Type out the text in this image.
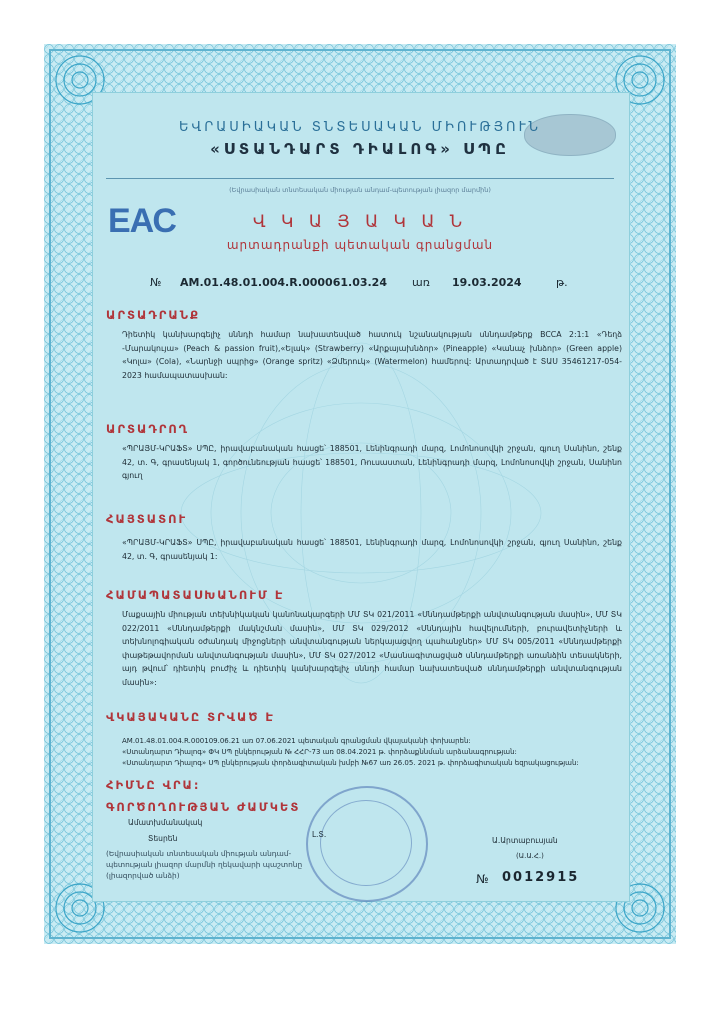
ԵՎՐԱՍԻԱԿԱՆ ՏՆՏԵՍԱԿԱՆ ՄԻՈՒԹՅՈՒՆ

«ՍՏԱՆԴԱՐՏ ԴԻԱԼՈԳ» ՍՊԸ

(Եվրասիական տնտեսական միության անդամ-պետության լիազոր մարմին)

ЕАС	Վ Կ Ա Յ Ա Կ Ա Ն

արտադրանքի պետական գրանցման

№ AM.01.48.01.004.R.000061.03.24 առ 19.03.2024	թ.

ԱՐՏԱԴՐԱՆՔ

Դիետիկ կանխարգելիչ սննդի համար նախատեսված հատուկ նշանակության սննդամթերք BCCA 2:1:1 «Դեղձ -Մարակույա» (Peach & passion fruit),«Ելակ» (Strawberry) «Արքայախնձոր» (Pineapple) «Կանաչ խնձոր» (Green apple) «Կոլա» (Cola), «Նարնջի սպրից» (Orange spritz) «Ձմերուկ» (Watermelon) համերով: Արտադրված է ՏԱՍ 35461217-054-2023 համապատասխան:

ԱՐՏԱԴՐՈՂ

«ՊՐԱՅՄ-ԿՐԱՖՏ» ՍՊԸ, իրավաբանական հասցե՝ 188501, Լենինգրադի մարզ, Լոմոնոսովկի շրջան, գյուղ Սանինո, շենք 42, տ. Գ, գրասենյակ 1, գործունեության հասցե՝ 188501, Ռուսաստան, Լենինգրադի մարզ, Լոմոնոսովկի շրջան, Սանինո գյուղ

ՀԱՅՏԱՏՈՒ

«ՊՐԱՅՄ-ԿՐԱՖՏ» ՍՊԸ, իրավաբանական հասցե՝ 188501, Լենինգրադի մարզ, Լոմոնոսովկի շրջան, գյուղ Սանինո, շենք 42, տ. Գ, գրասենյակ 1:

ՀԱՄԱՊԱՏԱՍԽԱՆՈՒՄ Է

Մաքսային միության տեխնիկական կանոնակարգերի ՄՄ ՏԿ 021/2011 «Սննդամթերքի անվտանգության մասին», ՄՄ ՏԿ 022/2011 «Սննդամթերքի մակնշման մասին», ՄՄ ՏԿ 029/2012 «Սննդային հավելումների, բուրավետիչների և տեխնոլոգիական օժանդակ միջոցների անվտանգության ներկայացվող պահանջներ» ՄՄ ՏԿ 005/2011 «Սննդամթերքի փաթեթավորման անվտանգության մասին», ՄՄ ՏԿ 027/2012 «Մասնագիտացված սննդամթերքի առանձին տեսակների, այդ թվում՝ դիետիկ բուժիչ և դիետիկ կանխարգելիչ սննդի համար նախատեսված սննդամթերքի անվտանգության մասին»:

ՎԿԱՅԱԿԱՆԸ ՏՐՎԱԾ Է

AM.01.48.01.004.R.000109.06.21 առ 07.06.2021 պետական գրանցման վկայականի փոխարեն:

«Ստանդարտ Դիալոգ» ՓԿ ՍՊ ընկերության № ՀՀՐ-73 առ 08.04.2021 թ. փորձաքննման արձանագրության:

«Ստանդարտ Դիալոգ» ՍՊ ընկերության փորձագիտական խմբի №67 առ 26.05. 2021 թ. փորձագիտական եզրակացության:

ՀԻՄՆԸ ՎՐԱ:

ԳՈՐԾՈՂՈՒԹՅԱՆ ԺԱՄԿԵՏ

Ամատխմանակակ

Տեսրեն

(Եվրասիական տնտեսական միության անդամ-պետության լիազոր մարմնի ղեկավարի պաշտոնը (լիազորված անձի)

Լ.Տ.

Ա.Արտաբուսյան

(Ա.Ա.Հ.)

№ 0012915
